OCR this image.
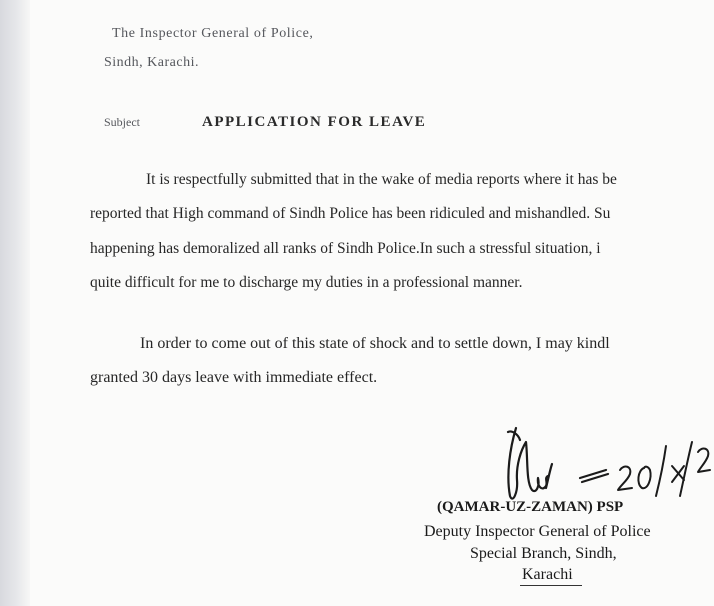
The Inspector General of Police,
Sindh, Karachi.
Subject	APPLICATION FOR LEAVE
It is respectfully submitted that in the wake of media reports where it has be
reported that High command of Sindh Police has been ridiculed and mishandled. Su
happening has demoralized all ranks of Sindh Police.In such a stressful situation, i
quite difficult for me to discharge my duties in a professional manner.
In order to come out of this state of shock and to settle down, I may kindl
granted 30 days leave with immediate effect.
(QAMAR-UZ-ZAMAN) PSP
Deputy Inspector General of Police
Special Branch, Sindh,
Karachi
